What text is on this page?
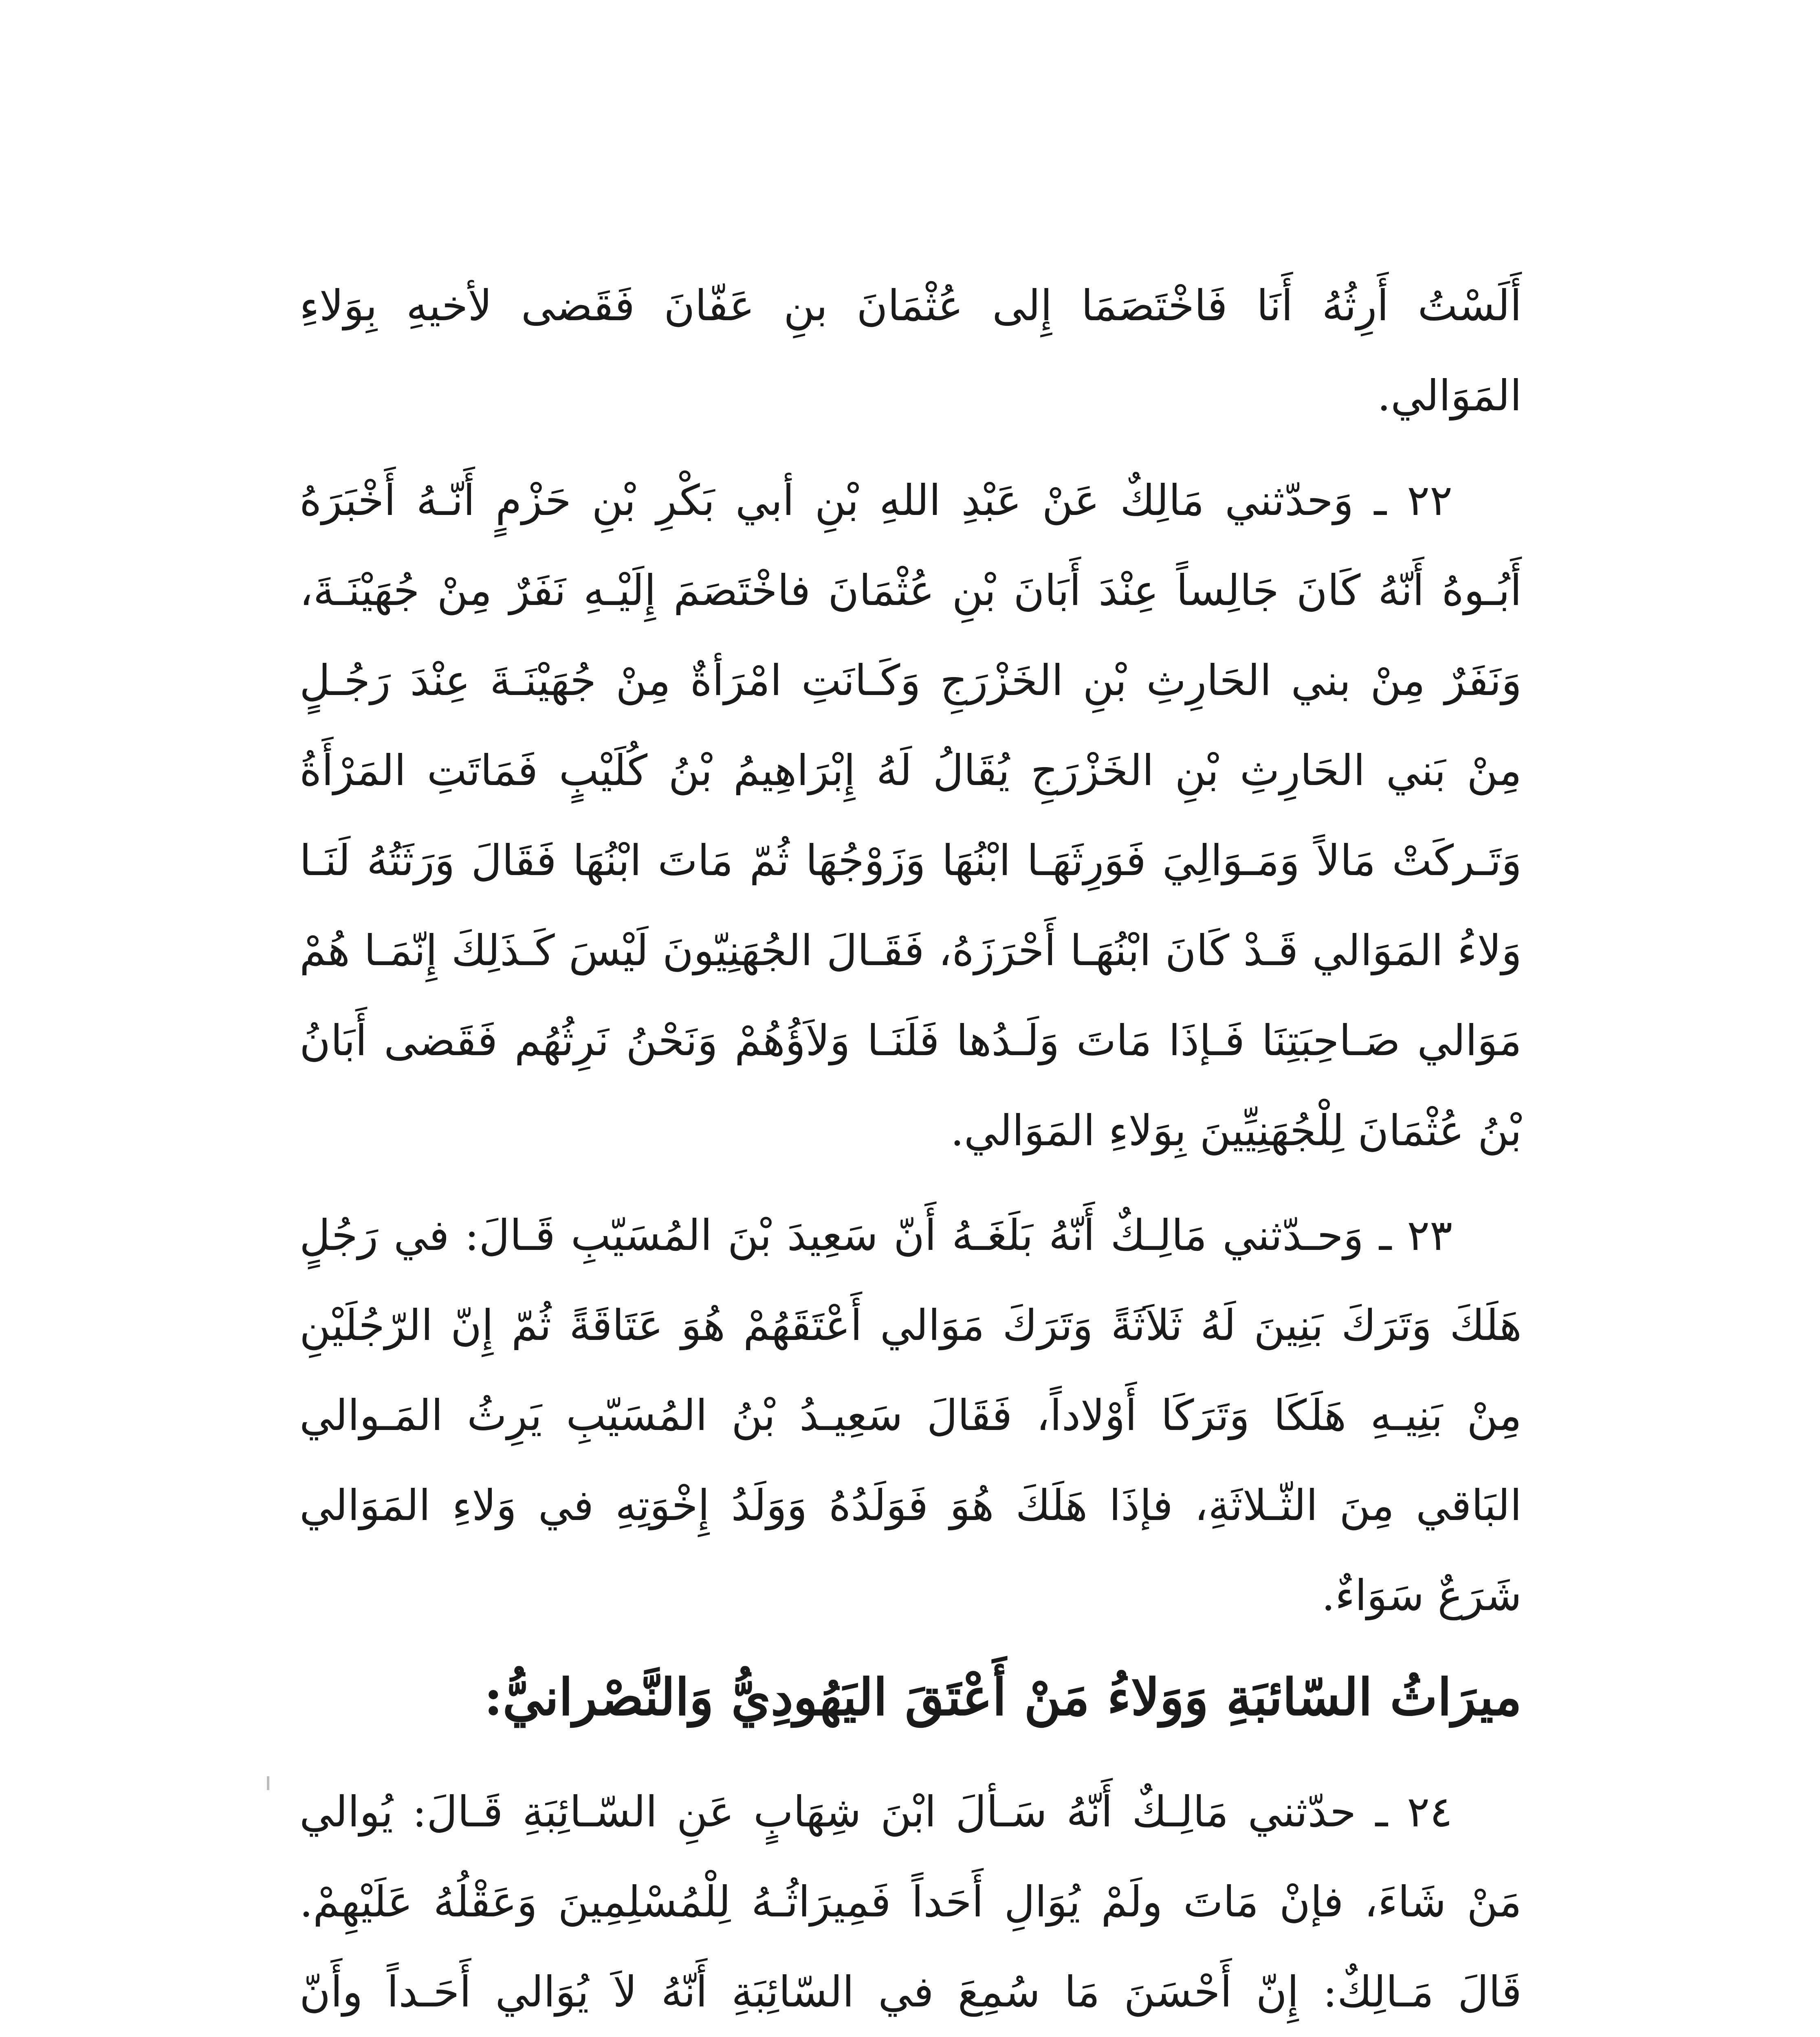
أَلَسْتُ أَرِثُهُ أَنَا فَاخْتَصَمَا إِلى عُثْمَانَ بنِ عَفّانَ فَقَضى لأخيهِ بِوَلاءِ المَوَالي.

٢٢ ـ وَحدّثني مَالِكٌ عَنْ عَبْدِ اللهِ بْنِ أبي بَكْرِ بْنِ حَزْمٍ أَنّـهُ أَخْبَرَهُ أَبُـوهُ أَنّهُ كَانَ جَالِساً عِنْدَ أَبَانَ بْنِ عُثْمَانَ فاخْتَصَمَ إِلَيْـهِ نَفَرٌ مِنْ جُهَيْنَـةَ، وَنَفَرٌ مِنْ بني الحَارِثِ بْنِ الخَزْرَجِ وَكَـانَتِ امْرَأةٌ مِنْ جُهَيْنَـةَ عِنْدَ رَجُـلٍ مِنْ بَني الحَارِثِ بْنِ الخَزْرَجِ يُقَالُ لَهُ إِبْرَاهِيمُ بْنُ كُلَيْبٍ فَمَاتَتِ المَرْأَةُ وَتَـركَتْ مَالاً وَمَـوَالِيَ فَوَرِثَهَـا ابْنُهَا وَزَوْجُهَا ثُمّ مَاتَ ابْنُهَا فَقَالَ وَرَثَتُهُ لَنَـا وَلاءُ المَوَالي قَـدْ كَانَ ابْنُهَـا أَحْرَزَهُ، فَقَـالَ الجُهَنِيّونَ لَيْسَ كَـذَلِكَ إِنّمَـا هُمْ مَوَالي صَـاحِبَتِنَا فَـإذَا مَاتَ وَلَـدُها فَلَنَـا وَلاَؤُهُمْ وَنَحْنُ نَرِثُهُم فَقَضى أَبَانُ بْنُ عُثْمَانَ لِلْجُهَنِيِّينَ بِوَلاءِ المَوَالي.

٢٣ ـ وَحـدّثني مَالِـكٌ أَنّهُ بَلَغَـهُ أَنّ سَعِيدَ بْنَ المُسَيّبِ قَـالَ: في رَجُلٍ هَلَكَ وَتَرَكَ بَنِينَ لَهُ ثَلاَثَةً وَتَرَكَ مَوَالي أَعْتَقَهُمْ هُوَ عَتَاقَةً ثُمّ إِنّ الرّجُلَيْنِ مِنْ بَنِيـهِ هَلَكَا وَتَرَكَا أَوْلاداً، فَقَالَ سَعِيـدُ بْنُ المُسَيّبِ يَرِثُ المَـوالي البَاقي مِنَ الثّـلاثَةِ، فإذَا هَلَكَ هُوَ فَوَلَدُهُ وَوَلَدُ إِخْوَتِهِ في وَلاءِ المَوَالي شَرَعٌ سَوَاءٌ.

ميرَاثُ السّائبَةِ وَوَلاءُ مَنْ أَعْتَقَ اليَهُودِيُّ وَالنَّصْرانيُّ:

٢٤ ـ حدّثني مَالِـكٌ أَنّهُ سَـألَ ابْنَ شِهَابٍ عَنِ السّـائِبَةِ قَـالَ: يُوالي مَنْ شَاءَ، فإنْ مَاتَ ولَمْ يُوَالِ أَحَداً فَمِيرَاثُـهُ لِلْمُسْلِمِينَ وَعَقْلُهُ عَلَيْهِمْ. قَالَ مَـالِكٌ: إِنّ أَحْسَنَ مَا سُمِعَ في السّائِبَةِ أَنّهُ لاَ يُوَالي أَحَـداً وأَنّ
